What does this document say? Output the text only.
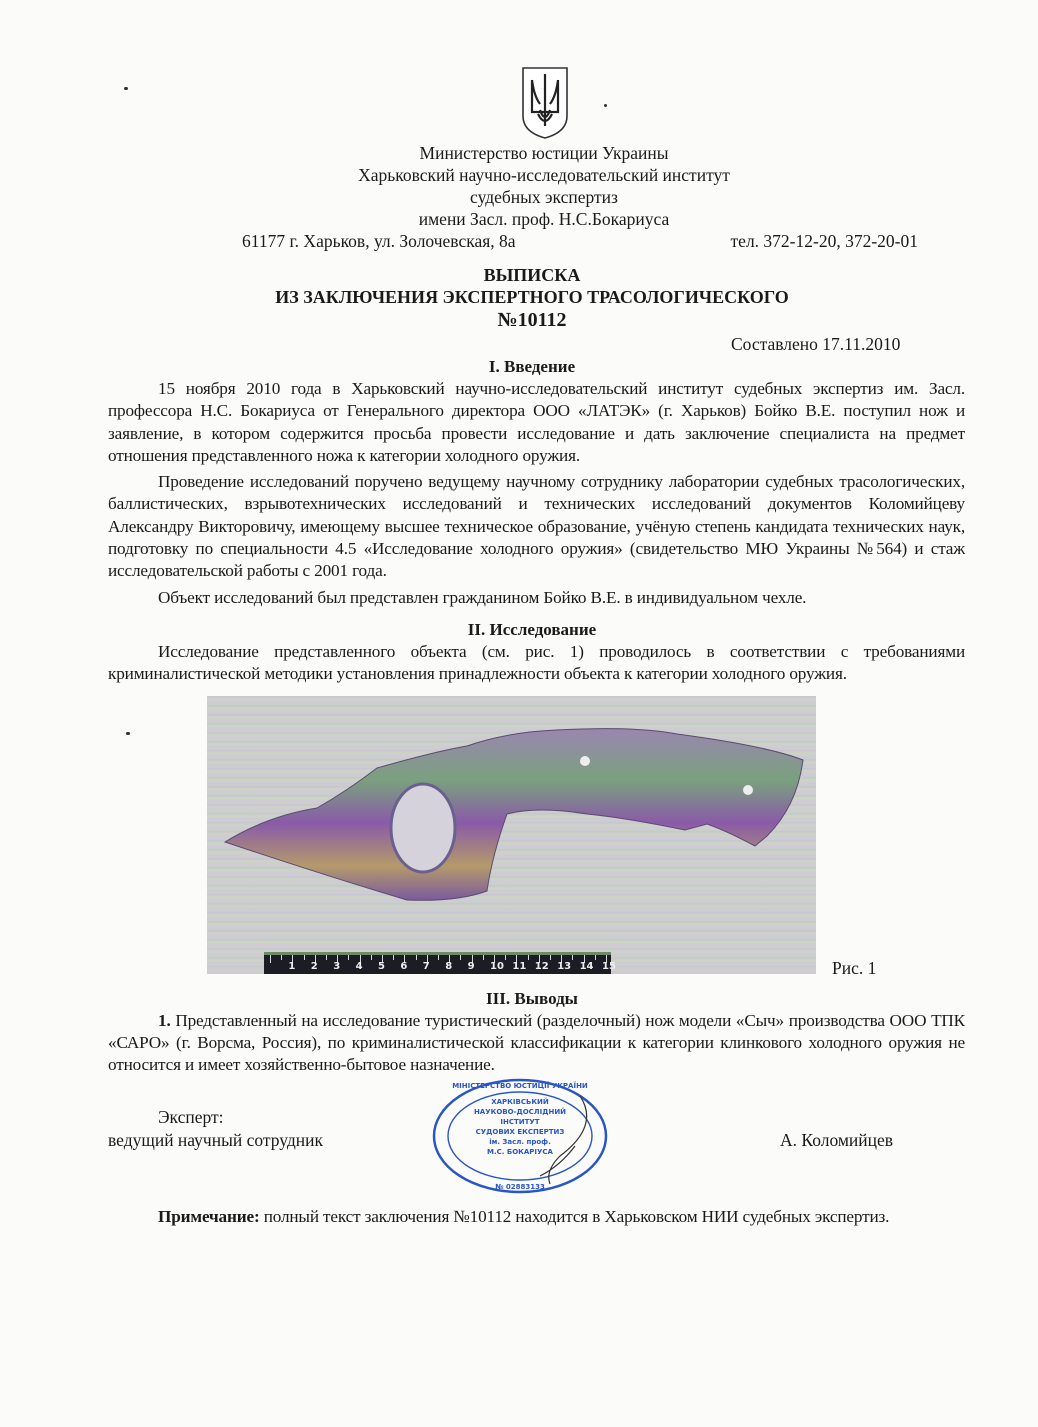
Министерство юстиции Украины
Харьковский научно-исследовательский институт
судебных экспертиз
имени Засл. проф. Н.С.Бокариуса
61177 г. Харьков, ул. Золочевская, 8а	тел. 372-12-20, 372-20-01
ВЫПИСКА
ИЗ ЗАКЛЮЧЕНИЯ ЭКСПЕРТНОГО ТРАСОЛОГИЧЕСКОГО
№10112
Составлено 17.11.2010
I. Введение
15 ноября 2010 года в Харьковский научно-исследовательский институт судебных экспертиз им. Засл. профессора Н.С. Бокариуса от Генерального директора ООО «ЛАТЭК» (г. Харьков) Бойко В.Е. поступил нож и заявление, в котором содержится просьба провести исследование и дать заключение специалиста на предмет отношения представленного ножа к категории холодного оружия.
Проведение исследований поручено ведущему научному сотруднику лаборатории судебных трасологических, баллистических, взрывотехнических исследований и технических исследований документов Коломийцеву Александру Викторовичу, имеющему высшее техническое образование, учёную степень кандидата технических наук, подготовку по специальности 4.5 «Исследование холодного оружия» (свидетельство МЮ Украины №564) и стаж исследовательской работы с 2001 года.
Объект исследований был представлен гражданином Бойко В.Е. в индивидуальном чехле.
II. Исследование
Исследование представленного объекта (см. рис. 1) проводилось в соответствии с требованиями криминалистической методики установления принадлежности объекта к категории холодного оружия.
1 2 3 4 5 6 7 8 9 10 11 12 13 14 15	Рис. 1
III. Выводы
1. Представленный на исследование туристический (разделочный) нож модели «Сыч» производства ООО ТПК «САРО» (г. Ворсма, Россия), по криминалистической классификации к категории клинкового холодного оружия не относится и имеет хозяйственно-бытовое назначение.
Эксперт:
ведущий научный сотрудник	А. Коломийцев
МІНІСТЕРСТВО ЮСТИЦІЇ УКРАЇНИ
ХАРКІВСЬКИЙ
НАУКОВО-ДОСЛІДНИЙ
ІНСТИТУТ
СУДОВИХ ЕКСПЕРТИЗ
ім. Засл. проф.
М.С. БОКАРІУСА
№ 02883133
Примечание: полный текст заключения №10112 находится в Харьковском НИИ судебных экспертиз.
